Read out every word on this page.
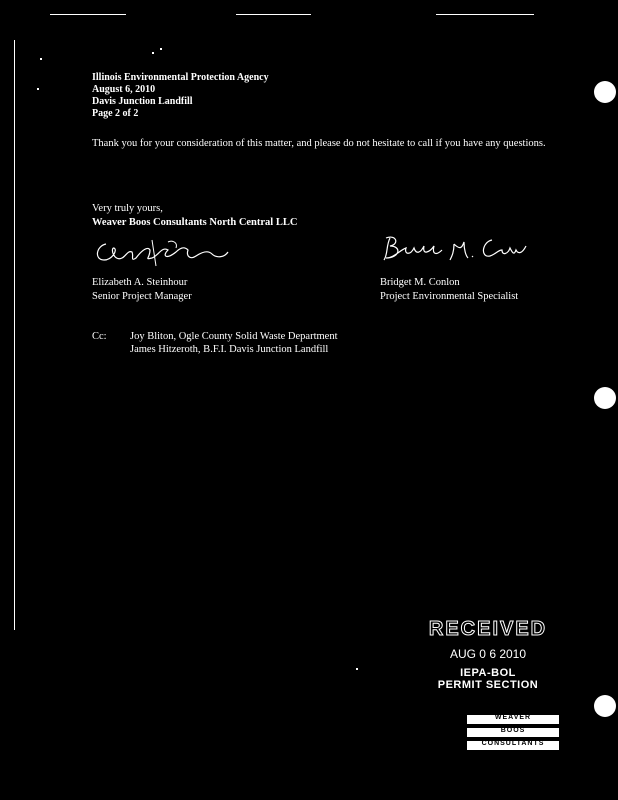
Illinois Environmental Protection Agency
August 6, 2010
Davis Junction Landfill
Page 2 of 2
Thank you for your consideration of this matter, and please do not hesitate to call if you have any questions.
Very truly yours,
Weaver Boos Consultants North Central LLC
Elizabeth A. Steinhour
Senior Project Manager
Bridget M. Conlon
Project Environmental Specialist
Cc: Joy Bliton, Ogle County Solid Waste Department
James Hitzeroth, B.F.I. Davis Junction Landfill
RECEIVED
AUG 0 6 2010
IEPA-BOL
PERMIT SECTION
WEAVER
BOOS
CONSULTANTS
